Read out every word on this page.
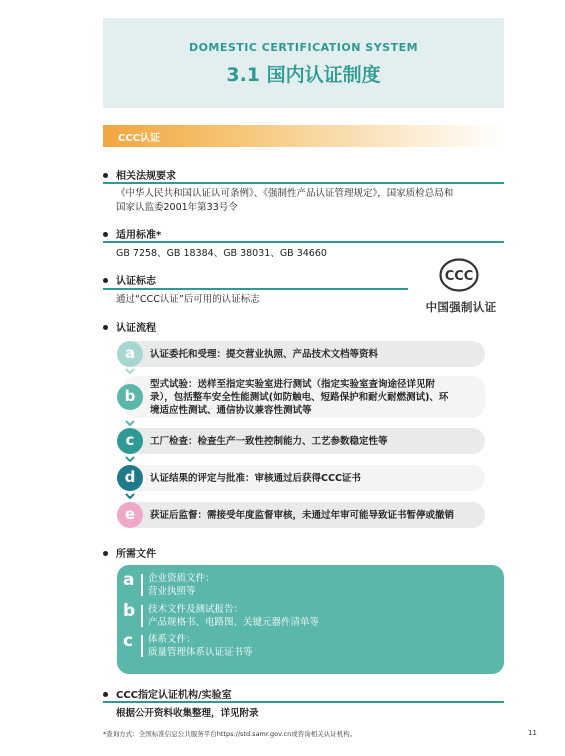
DOMESTIC CERTIFICATION SYSTEM
3.1 国内认证制度
CCC认证
相关法规要求
《中华人民共和国认证认可条例》、《强制性产品认证管理规定》，国家质检总局和
国家认监委2001年第33号令
适用标准*
GB 7258、GB 18384、GB 38031、GB 34660
认证标志
通过“CCC认证”后可用的认证标志
CCC
中国强制认证
认证流程
a	认证委托和受理：提交营业执照、产品技术文档等资料
b
型式试验：送样至指定实验室进行测试（指定实验室查询途径详见附
录），包括整车安全性能测试(如防触电、短路保护和耐火耐燃测试)、环
境适应性测试、通信协议兼容性测试等
c	工厂检查：检查生产一致性控制能力、工艺参数稳定性等
d	认证结果的评定与批准：审核通过后获得CCC证书
e	获证后监督：需接受年度监督审核，未通过年审可能导致证书暂停或撤销
所需文件
a 企业资质文件：
营业执照等
b 技术文件及测试报告：
产品规格书、电路图、关键元器件清单等
c 体系文件：
质量管理体系认证证书等
CCC指定认证机构/实验室
根据公开资料收集整理，详见附录
*查询方式：全国标准信息公共服务平台https://std.samr.gov.cn或咨询相关认证机构。	11
